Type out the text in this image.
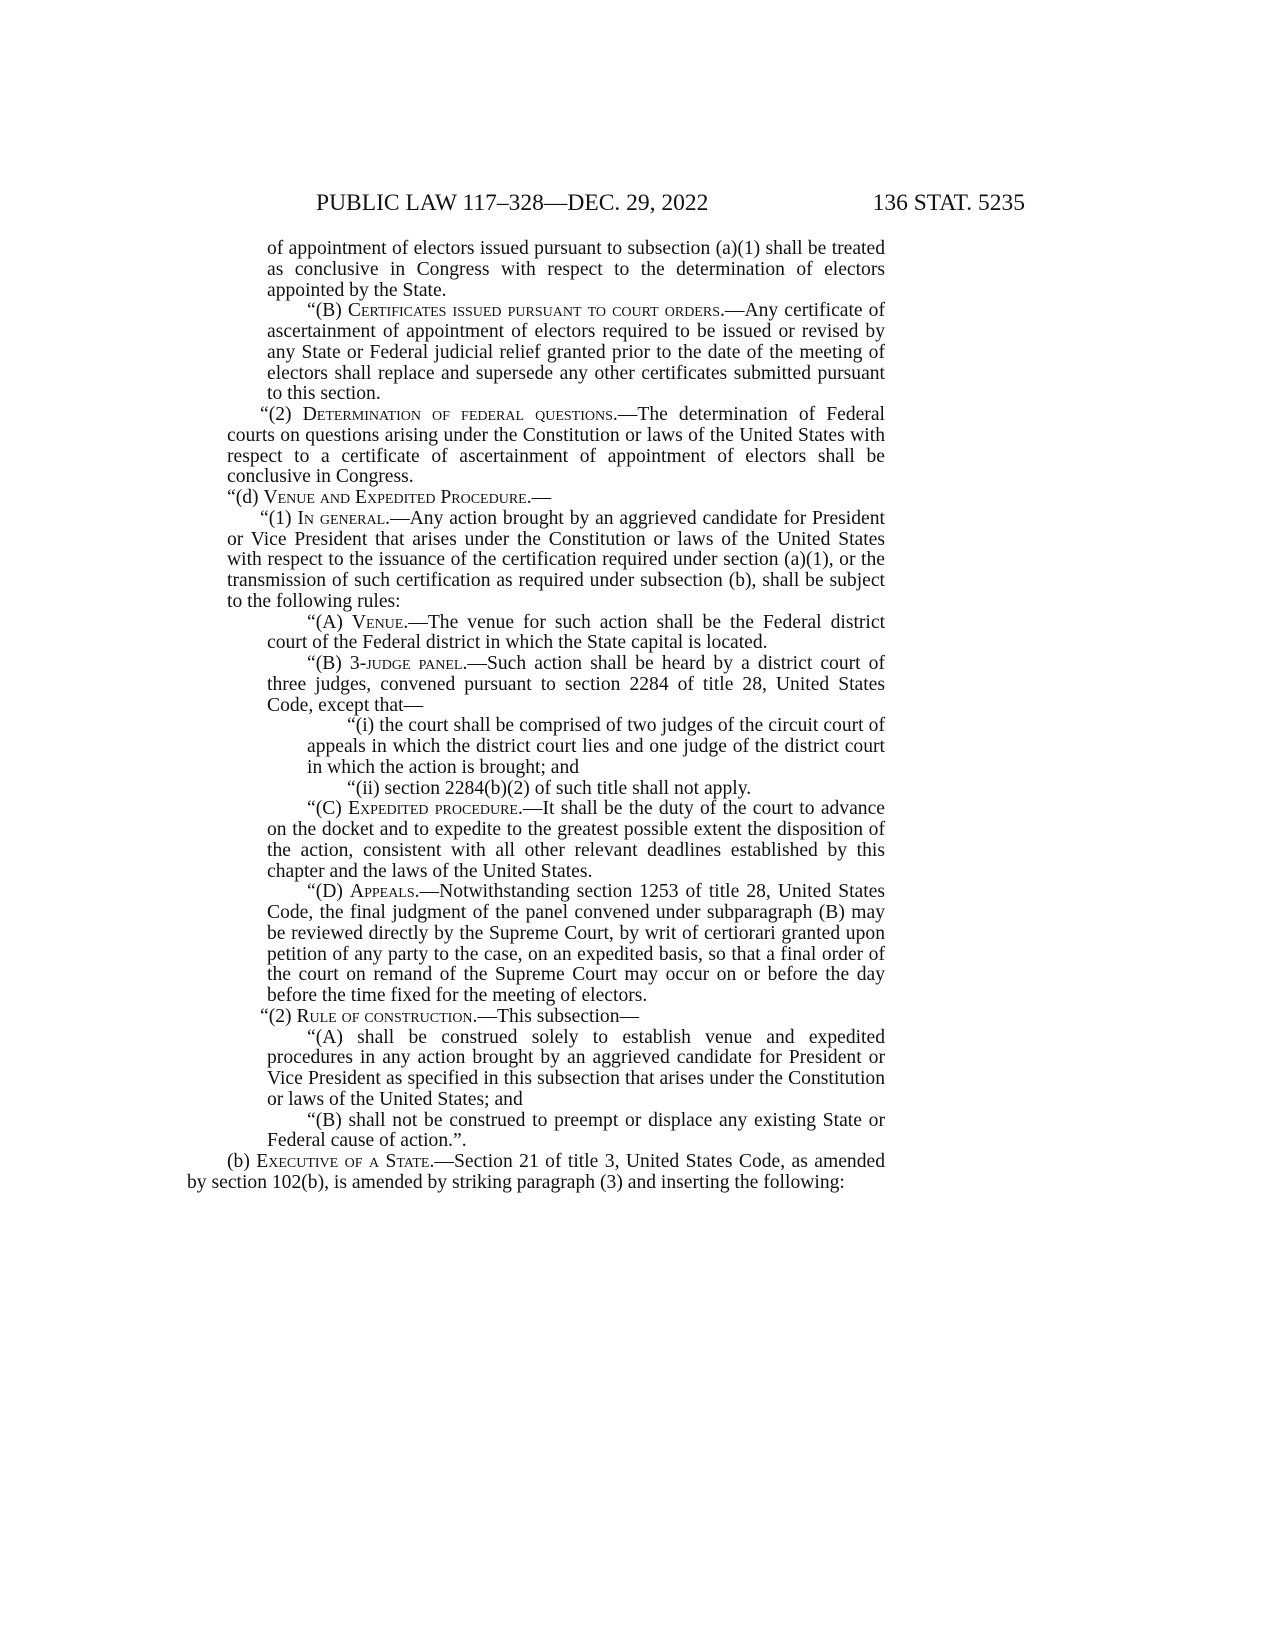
PUBLIC LAW 117–328—DEC. 29, 2022	136 STAT. 5235

of appointment of electors issued pursuant to subsection (a)(1) shall be treated as conclusive in Congress with respect to the determination of electors appointed by the State.

“(B) Certificates issued pursuant to court orders.—Any certificate of ascertainment of appointment of electors required to be issued or revised by any State or Federal judicial relief granted prior to the date of the meeting of electors shall replace and supersede any other certificates submitted pursuant to this section.

“(2) Determination of federal questions.—The determination of Federal courts on questions arising under the Constitution or laws of the United States with respect to a certificate of ascertainment of appointment of electors shall be conclusive in Congress.

“(d) Venue and Expedited Procedure.—

“(1) In general.—Any action brought by an aggrieved candidate for President or Vice President that arises under the Constitution or laws of the United States with respect to the issuance of the certification required under section (a)(1), or the transmission of such certification as required under subsection (b), shall be subject to the following rules:

“(A) Venue.—The venue for such action shall be the Federal district court of the Federal district in which the State capital is located.

“(B) 3-judge panel.—Such action shall be heard by a district court of three judges, convened pursuant to section 2284 of title 28, United States Code, except that—

“(i) the court shall be comprised of two judges of the circuit court of appeals in which the district court lies and one judge of the district court in which the action is brought; and

“(ii) section 2284(b)(2) of such title shall not apply.

“(C) Expedited procedure.—It shall be the duty of the court to advance on the docket and to expedite to the greatest possible extent the disposition of the action, consistent with all other relevant deadlines established by this chapter and the laws of the United States.

“(D) Appeals.—Notwithstanding section 1253 of title 28, United States Code, the final judgment of the panel convened under subparagraph (B) may be reviewed directly by the Supreme Court, by writ of certiorari granted upon petition of any party to the case, on an expedited basis, so that a final order of the court on remand of the Supreme Court may occur on or before the day before the time fixed for the meeting of electors.

“(2) Rule of construction.—This subsection—

“(A) shall be construed solely to establish venue and expedited procedures in any action brought by an aggrieved candidate for President or Vice President as specified in this subsection that arises under the Constitution or laws of the United States; and

“(B) shall not be construed to preempt or displace any existing State or Federal cause of action.”.

(b) Executive of a State.—Section 21 of title 3, United States Code, as amended by section 102(b), is amended by striking paragraph (3) and inserting the following:
